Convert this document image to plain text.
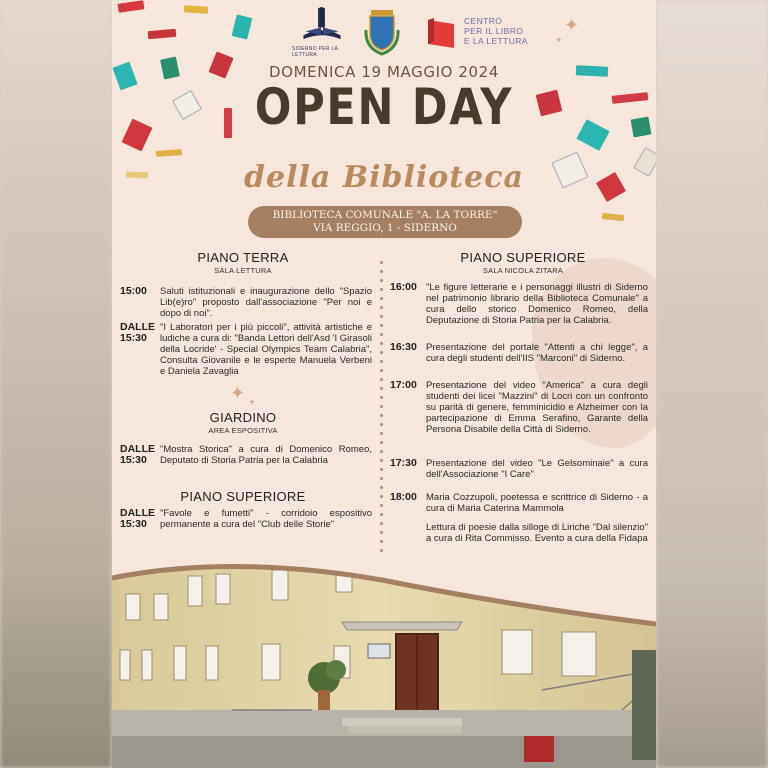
✦
✦
✦ ✦
SIDERNO PER LA LETTURA
CENTRO
PER IL LIBRO
E LA LETTURA
DOMENICA 19 MAGGIO 2024
OPEN DAY
della Biblioteca
BIBLIOTECA COMUNALE "A. LA TORRE"
VIA REGGIO, 1 - SIDERNO
PIANO TERRA
SALA LETTURA
15:00	Saluti istituzionali e inaugurazione dello "Spazio Lib(e)ro" proposto dall'associazione "Per noi e dopo di noi".
DALLE 15:30
"I Laboratori per i più piccoli", attività artistiche e ludiche a cura di: "Banda Lettori dell'Asd 'I Girasoli della Locride' - Special Olympics Team Calabria", Consulta Giovanile e le esperte Manuela Verbeni e Daniela Zavaglia
GIARDINO
AREA ESPOSITIVA
DALLE 15:30
"Mostra Storica" a cura di Domenico Romeo, Deputato di Storia Patria per la Calabria
PIANO SUPERIORE
DALLE 15:30
"Favole e fumetti" - corridoio espositivo permanente a cura del "Club delle Storie"
PIANO SUPERIORE
SALA NICOLA ZITARA
16:00 "Le figure letterarie e i personaggi illustri di Siderno nel patrimonio librario della Biblioteca Comunale" a cura dello storico Domenico Romeo, della Deputazione di Storia Patria per la Calabria.
16:30 Presentazione del portale "Attenti a chi legge", a cura degli studenti dell'IIS "Marconi" di Siderno.
17:00 Presentazione del video "America" a cura degli studenti dei licei "Mazzini" di Locri con un confronto su parità di genere, femminicidio e Alzheimer con la partecipazione di Emma Serafino, Garante della Persona Disabile della Città di Siderno.
17:30 Presentazione del video "Le Gelsominaie" a cura dell'Associazione "I Care"
18:00 Maria Cozzupoli, poetessa e scrittrice di Siderno - a cura di Maria Caterina Mammola
Lettura di poesie dalla silloge di Liriche "Dal silenzio" a cura di Rita Commisso. Evento a cura della Fidapa
